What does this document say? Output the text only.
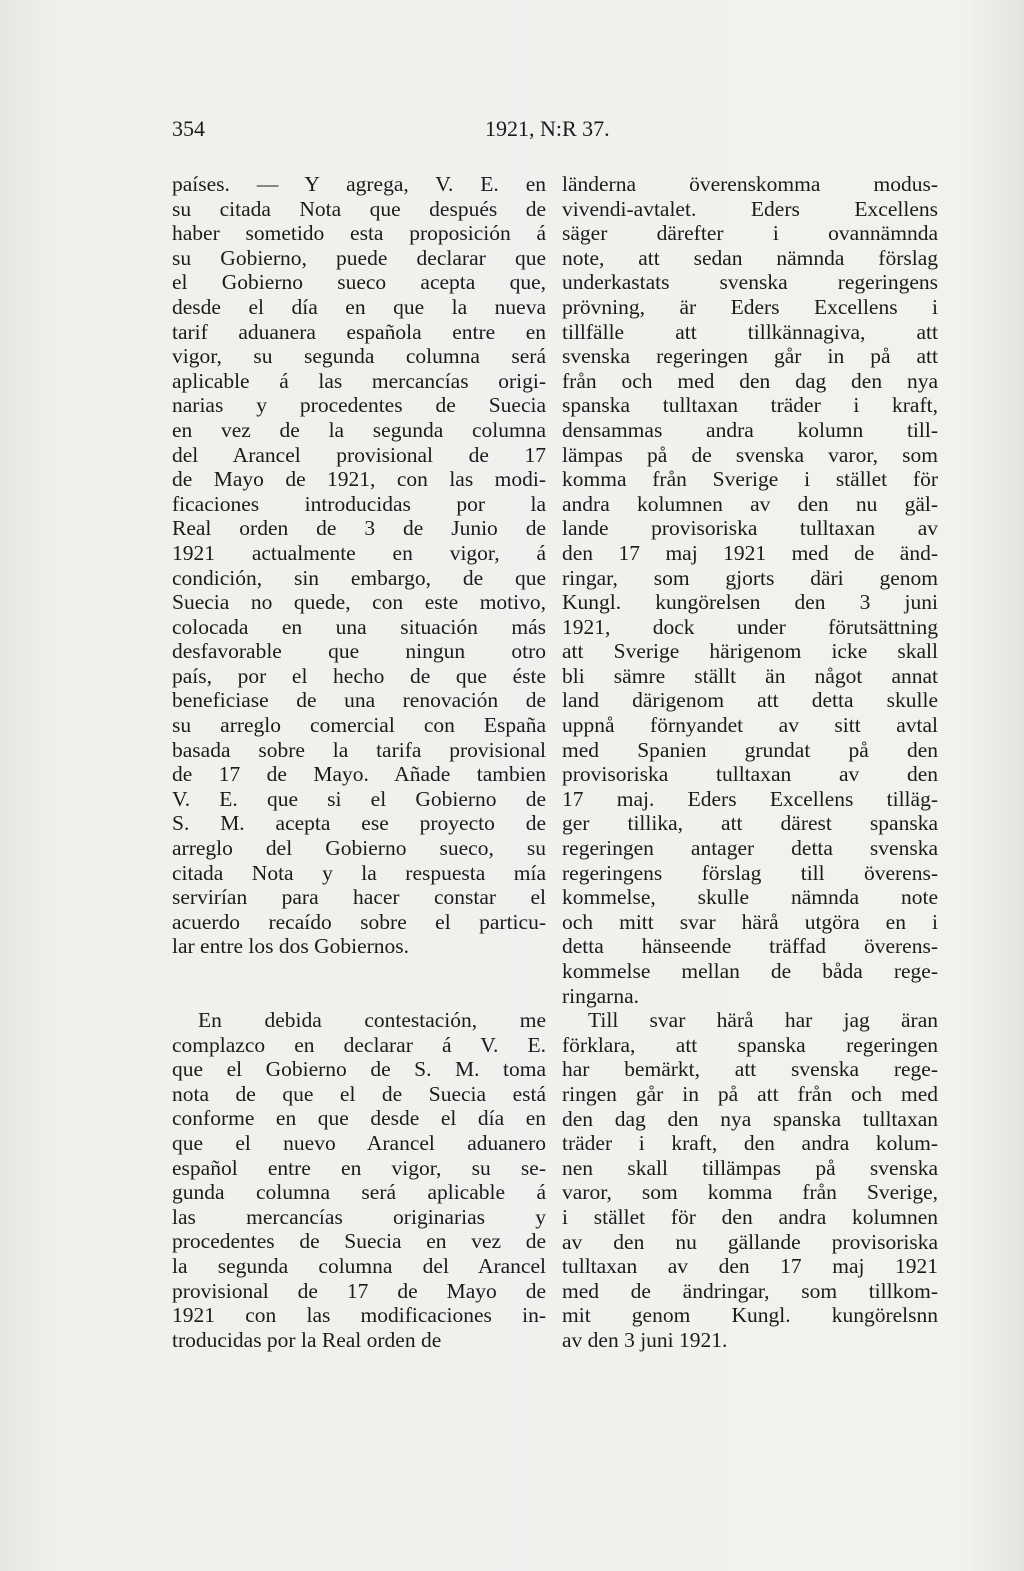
354	1921, N:R 37.
países. — Y agrega, V. E. en
su citada Nota que después de
haber sometido esta proposición á
su Gobierno, puede declarar que
el Gobierno sueco acepta que,
desde el día en que la nueva
tarif aduanera española entre en
vigor, su segunda columna será
aplicable á las mercancías origi-
narias y procedentes de Suecia
en vez de la segunda columna
del Arancel provisional de 17
de Mayo de 1921, con las modi-
ficaciones introducidas por la
Real orden de 3 de Junio de
1921 actualmente en vigor, á
condición, sin embargo, de que
Suecia no quede, con este motivo,
colocada en una situación más
desfavorable que ningun otro
país, por el hecho de que éste
beneficiase de una renovación de
su arreglo comercial con España
basada sobre la tarifa provisional
de 17 de Mayo. Añade tambien
V. E. que si el Gobierno de
S. M. acepta ese proyecto de
arreglo del Gobierno sueco, su
citada Nota y la respuesta mía
servirían para hacer constar el
acuerdo recaído sobre el particu-
lar entre los dos Gobiernos.
En debida contestación, me
complazco en declarar á V. E.
que el Gobierno de S. M. toma
nota de que el de Suecia está
conforme en que desde el día en
que el nuevo Arancel aduanero
español entre en vigor, su se-
gunda columna será aplicable á
las mercancías originarias y
procedentes de Suecia en vez de
la segunda columna del Arancel
provisional de 17 de Mayo de
1921 con las modificaciones in-
troducidas por la Real orden de
länderna överenskomma modus-
vivendi-avtalet. Eders Excellens
säger därefter i ovannämnda
note, att sedan nämnda förslag
underkastats svenska regeringens
prövning, är Eders Excellens i
tillfälle att tillkännagiva, att
svenska regeringen går in på att
från och med den dag den nya
spanska tulltaxan träder i kraft,
densammas andra kolumn till-
lämpas på de svenska varor, som
komma från Sverige i stället för
andra kolumnen av den nu gäl-
lande provisoriska tulltaxan av
den 17 maj 1921 med de änd-
ringar, som gjorts däri genom
Kungl. kungörelsen den 3 juni
1921, dock under förutsättning
att Sverige härigenom icke skall
bli sämre ställt än något annat
land därigenom att detta skulle
uppnå förnyandet av sitt avtal
med Spanien grundat på den
provisoriska tulltaxan av den
17 maj. Eders Excellens tilläg-
ger tillika, att därest spanska
regeringen antager detta svenska
regeringens förslag till överens-
kommelse, skulle nämnda note
och mitt svar härå utgöra en i
detta hänseende träffad överens-
kommelse mellan de båda rege-
ringarna.
Till svar härå har jag äran
förklara, att spanska regeringen
har bemärkt, att svenska rege-
ringen går in på att från och med
den dag den nya spanska tulltaxan
träder i kraft, den andra kolum-
nen skall tillämpas på svenska
varor, som komma från Sverige,
i stället för den andra kolumnen
av den nu gällande provisoriska
tulltaxan av den 17 maj 1921
med de ändringar, som tillkom-
mit genom Kungl. kungörelsnn
av den 3 juni 1921.
